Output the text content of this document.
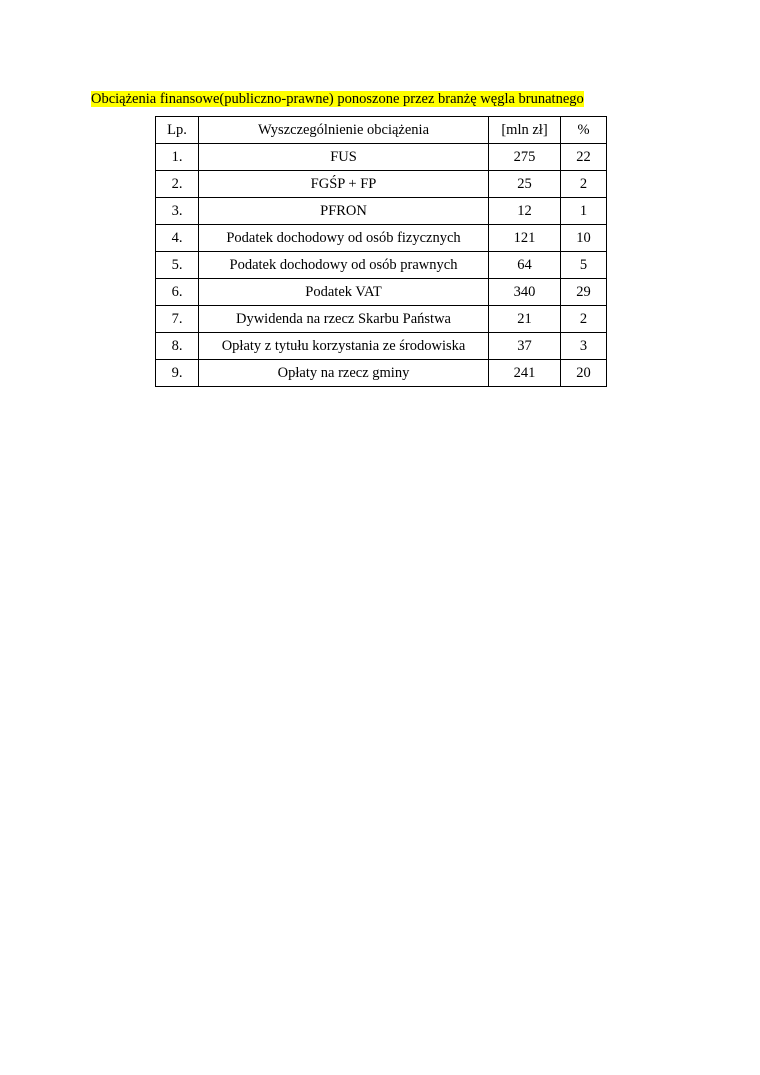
Obciążenia finansowe(publiczno-prawne) ponoszone przez branżę węgla brunatnego
Lp.	Wyszczególnienie obciążenia	[mln zł]	%
1.	FUS	275	22
2.	FGŚP + FP	25	2
3.	PFRON	12	1
4.	Podatek dochodowy od osób fizycznych	121	10
5.	Podatek dochodowy od osób prawnych	64	5
6.	Podatek VAT	340	29
7.	Dywidenda na rzecz Skarbu Państwa	21	2
8.	Opłaty z tytułu korzystania ze środowiska	37	3
9.	Opłaty na rzecz gminy	241	20
